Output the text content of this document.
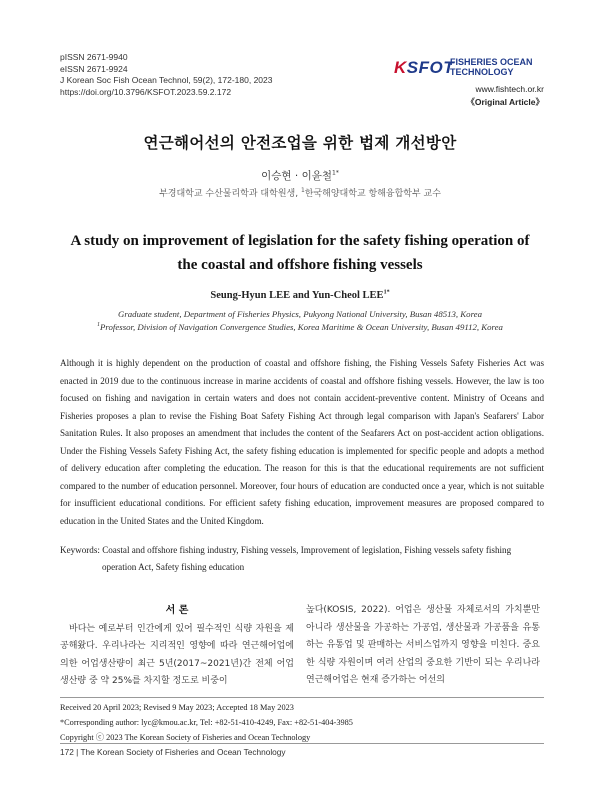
pISSN 2671-9940
eISSN 2671-9924
J Korean Soc Fish Ocean Technol, 59(2), 172-180, 2023
https://doi.org/10.3796/KSFOT.2023.59.2.172
KSFOT
FISHERIES OCEAN
TECHNOLOGY
www.fishtech.or.kr
《Original Article》
연근해어선의 안전조업을 위한 법제 개선방안
이승현 · 이윤철$^{1*}$
부경대학교 수산물리학과 대학원생, $^1$한국해양대학교 항해융합학부 교수
A study on improvement of legislation for the safety fishing operation of the coastal and offshore fishing vessels
Seung-Hyun LEE and Yun-Cheol $LEE^{1*}$
Graduate student, Department of Fisheries Physics, Pukyong National University, Busan 48513, Korea
$^1$Professor, Division of Navigation Convergence Studies, Korea Maritime & Ocean University, Busan 49112, Korea
Although it is highly dependent on the production of coastal and offshore fishing, the Fishing Vessels Safety Fisheries Act was enacted in 2019 due to the continuous increase in marine accidents of coastal and offshore fishing vessels. However, the law is too focused on fishing and navigation in certain waters and does not contain accident-preventive content. Ministry of Oceans and Fisheries proposes a plan to revise the Fishing Boat Safety Fishing Act through legal comparison with Japan's Seafarers' Labor Sanitation Rules. It also proposes an amendment that includes the content of the Seafarers Act on post-accident action obligations. Under the Fishing Vessels Safety Fishing Act, the safety fishing education is implemented for specific people and adopts a method of delivery education after completing the education. The reason for this is that the educational requirements are not sufficient compared to the number of education personnel. Moreover, four hours of education are conducted once a year, which is not suitable for insufficient educational conditions. For efficient safety fishing education, improvement measures are proposed compared to education in the United States and the United Kingdom.
Keywords: Coastal and offshore fishing industry, Fishing vessels, Improvement of legislation, Fishing vessels safety fishing
operation Act, Safety fishing education
서 론

바다는 예로부터 인간에게 있어 필수적인 식량 자원을 제공해왔다. 우리나라는 지리적인 영향에 따라 연근해어업에 의한 어업생산량이 최근 5년(2017~2021년)간 전체 어업생산량 중 약 25%를 차지할 정도로 비중이

높다(KOSIS, 2022). 어업은 생산물 자체로서의 가치뿐만 아니라 생산물을 가공하는 가공업, 생산물과 가공품을 유통하는 유통업 및 판매하는 서비스업까지 영향을 미친다. 중요한 식량 자원이며 여러 산업의 중요한 기반이 되는 우리나라 연근해어업은 현재 증가하는 어선의

Received 20 April 2023; Revised 9 May 2023; Accepted 18 May 2023
*Corresponding author: lyc@kmou.ac.kr, Tel: +82-51-410-4249, Fax: +82-51-404-3985
Copyright ⓒ 2023 The Korean Society of Fisheries and Ocean Technology
172 | The Korean Society of Fisheries and Ocean Technology
